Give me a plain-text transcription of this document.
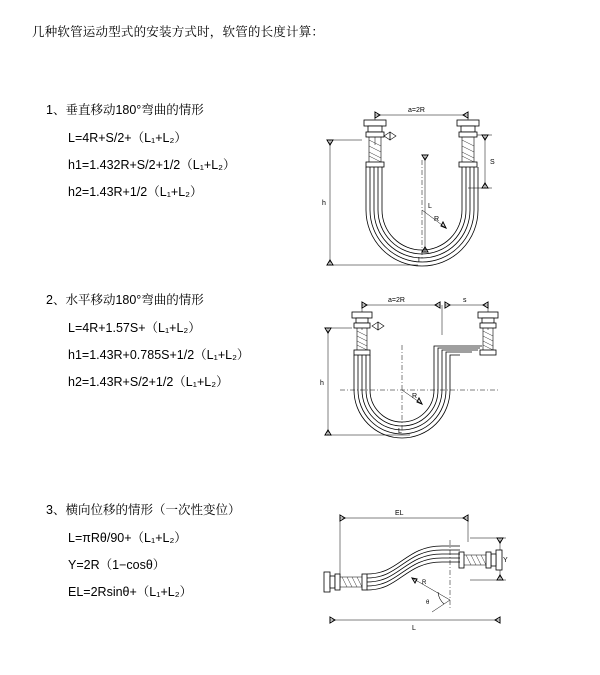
几种软管运动型式的安装方式时，软管的长度计算：
1、垂直移动180°弯曲的情形
L=4R+S/2+（L₁+L₂）
h1=1.432R+S/2+1/2（L₁+L₂）
h2=1.43R+1/2（L₁+L₂）
a=2R
h
S
L
R
L
2、水平移动180°弯曲的情形
L=4R+1.57S+（L₁+L₂）
h1=1.43R+0.785S+1/2（L₁+L₂）
h2=1.43R+S/2+1/2（L₁+L₂）
a=2R	s
h
R
L
3、横向位移的情形（一次性变位）
L=πRθ/90+（L₁+L₂）
Y=2R（1−cosθ）
EL=2Rsinθ+（L₁+L₂）
EL
Y
L
θ
R
